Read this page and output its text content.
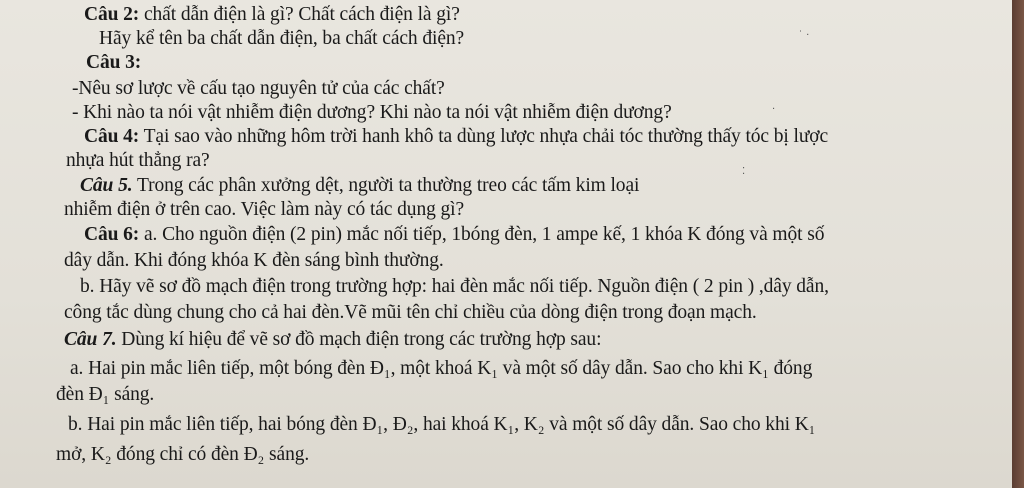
Câu 2: chất dẫn điện là gì? Chất cách điện là gì?
Hãy kể tên ba chất dẫn điện, ba chất cách điện?
Câu 3:
-Nêu sơ lược về cấu tạo nguyên tử của các chất?
- Khi nào ta nói vật nhiễm điện dương? Khi nào ta nói vật nhiễm điện dương?
Câu 4: Tại sao vào những hôm trời hanh khô ta dùng lược nhựa chải tóc thường thấy tóc bị lược
nhựa hút thẳng ra?
Câu 5. Trong các phân xưởng dệt, người ta thường treo các tấm kim loại
nhiễm điện ở trên cao. Việc làm này có tác dụng gì?
Câu 6: a. Cho nguồn điện (2 pin) mắc nối tiếp, 1bóng đèn, 1 ampe kế, 1 khóa K đóng và một số
dây dẫn. Khi đóng khóa K đèn sáng bình thường.
b. Hãy vẽ sơ đồ mạch điện trong trường hợp: hai đèn mắc nối tiếp. Nguồn điện ( 2 pin ) ,dây dẫn,
công tắc dùng chung cho cả hai đèn.Vẽ mũi tên chỉ chiều của dòng điện trong đoạn mạch.
Câu 7. Dùng kí hiệu để vẽ sơ đồ mạch điện trong các trường hợp sau:
a. Hai pin mắc liên tiếp, một bóng đèn Đ₁, một khoá K₁ và một số dây dẫn. Sao cho khi K₁ đóng
đèn Đ₁ sáng.
b. Hai pin mắc liên tiếp, hai bóng đèn Đ₁, Đ₂, hai khoá K₁, K₂ và một số dây dẫn. Sao cho khi K₁
mở, K₂ đóng chỉ có đèn Đ₂ sáng.
˙ ·
⁚
·
